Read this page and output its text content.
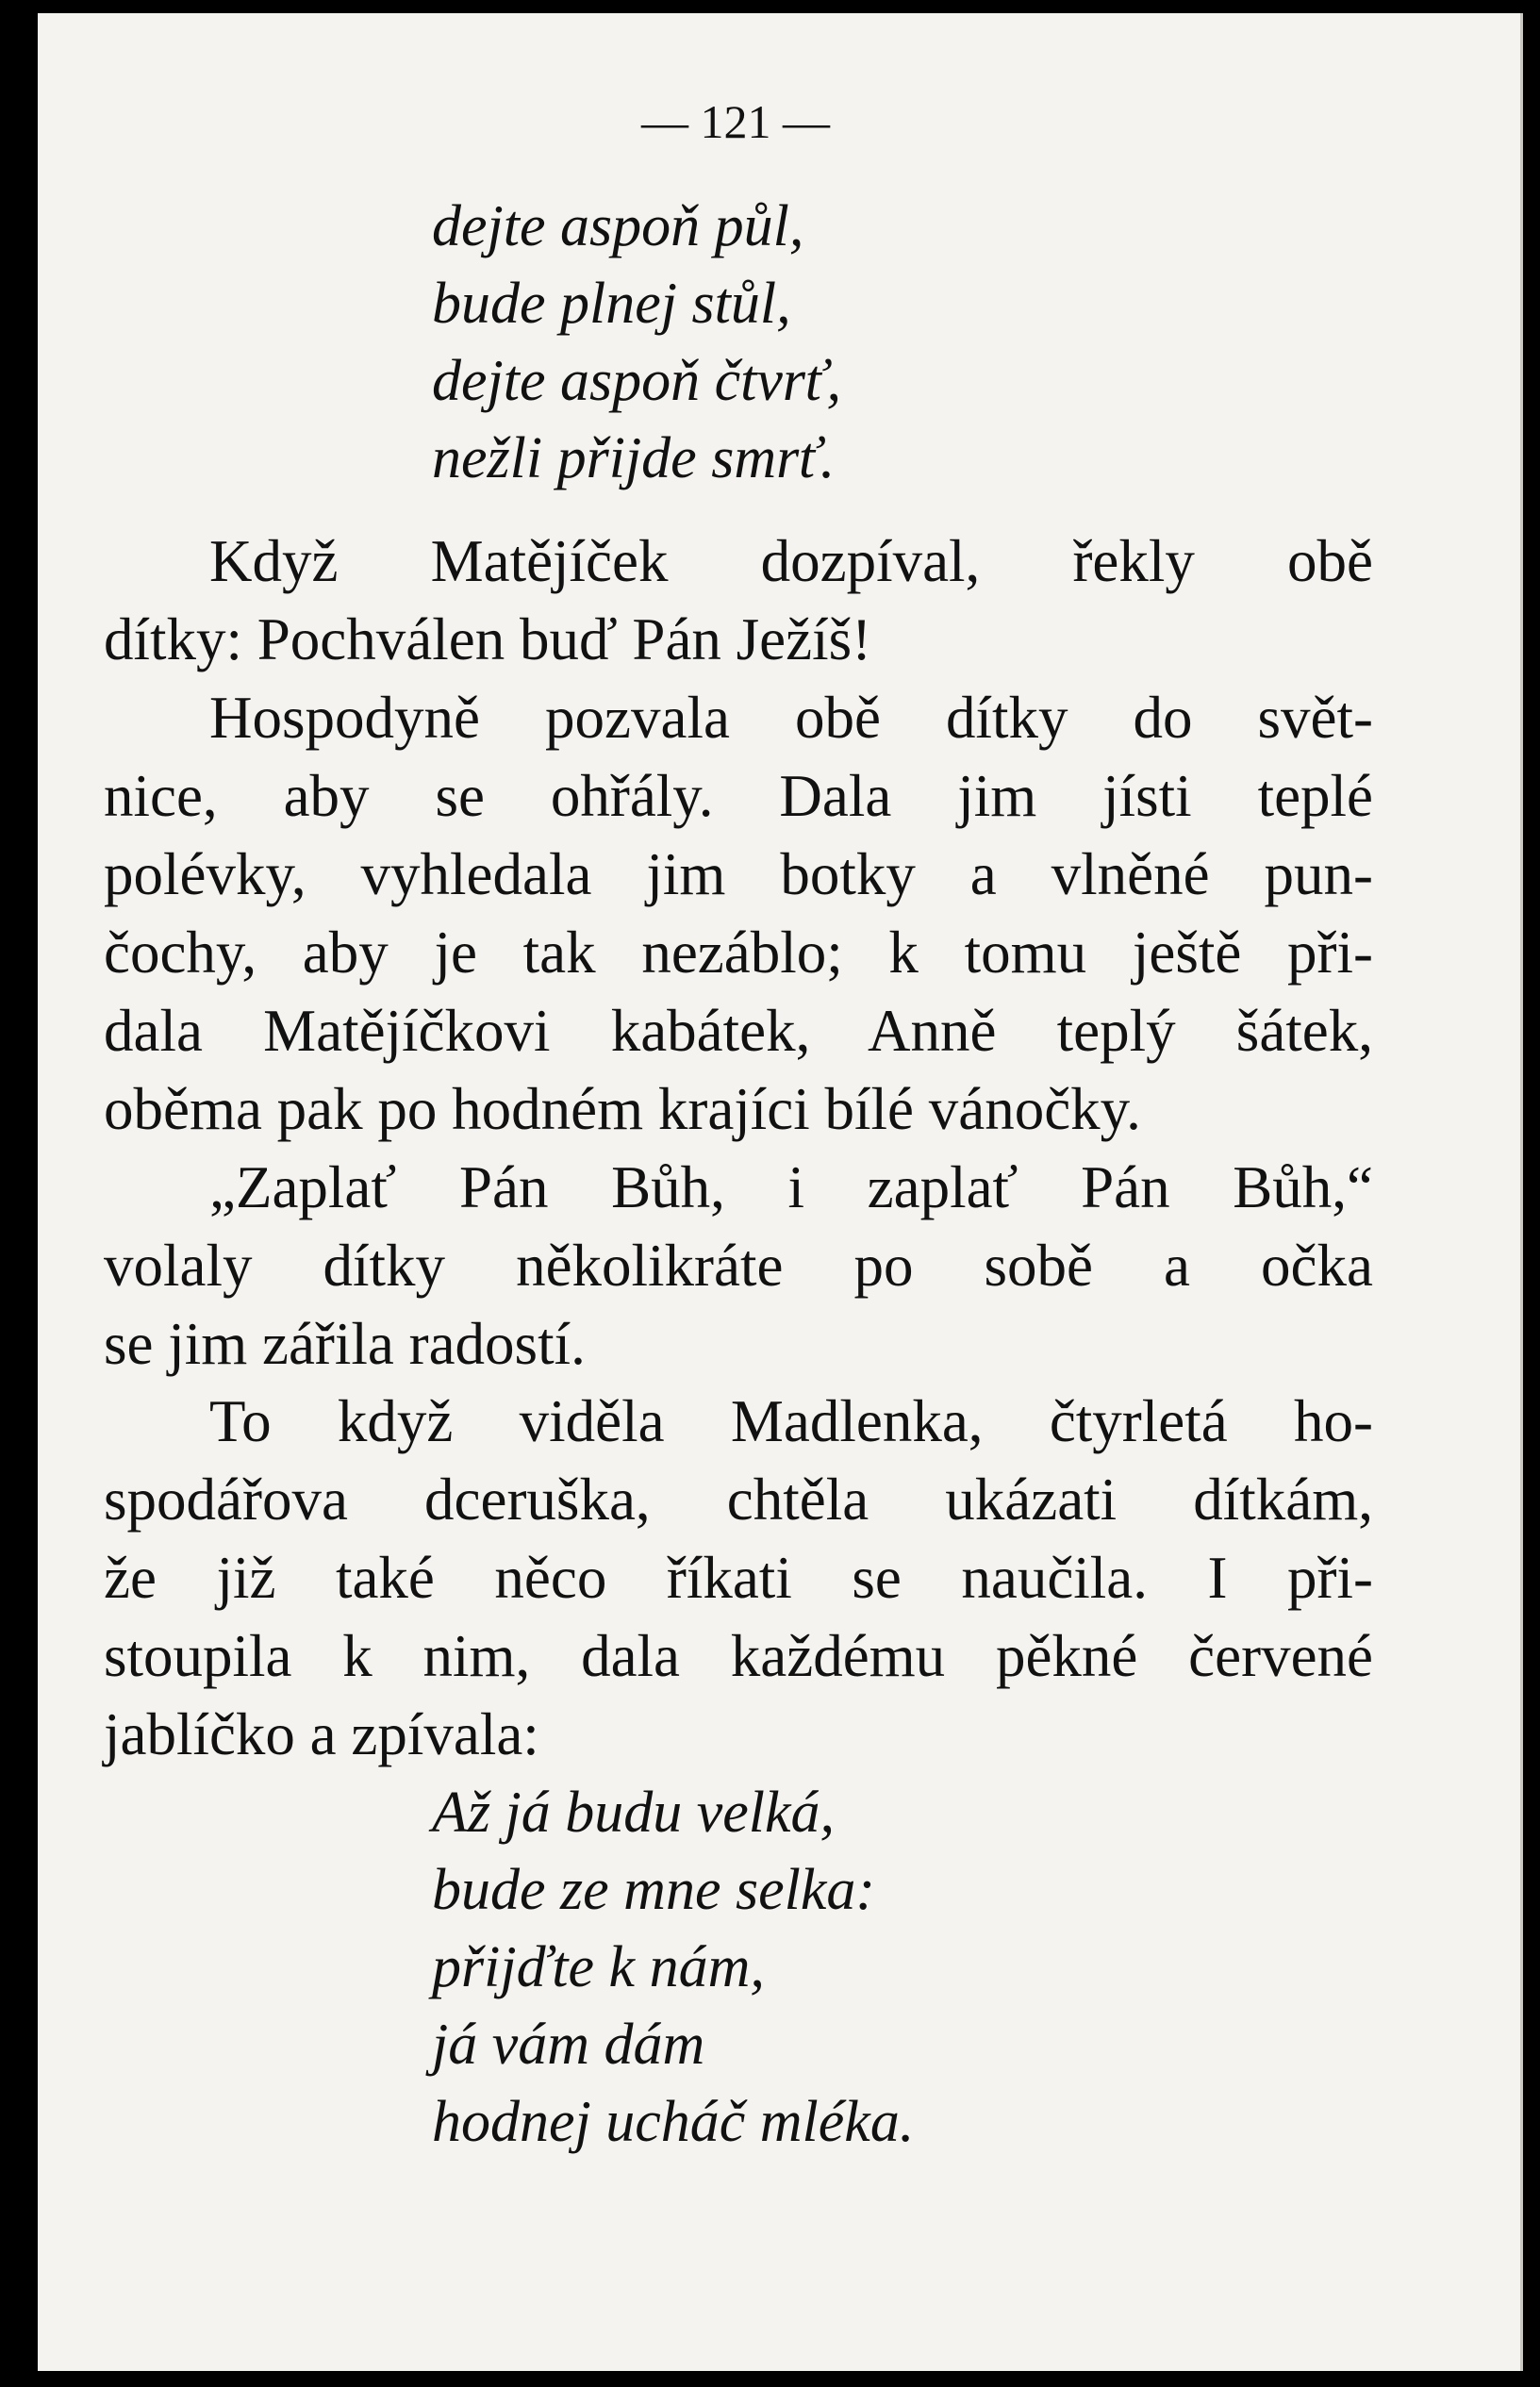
— 121 —
dejte aspoň půl,
bude plnej stůl,
dejte aspoň čtvrť,
nežli přijde smrť.
Když Matějíček dozpíval, řekly obě
dítky: Pochválen buď Pán Ježíš!
Hospodyně pozvala obě dítky do svět-
nice, aby se ohřály. Dala jim jísti teplé
polévky, vyhledala jim botky a vlněné pun-
čochy, aby je tak nezáblo; k tomu ještě při-
dala Matějíčkovi kabátek, Anně teplý šátek,
oběma pak po hodném krajíci bílé vánočky.
„Zaplať Pán Bůh, i zaplať Pán Bůh,“
volaly dítky několikráte po sobě a očka
se jim zářila radostí.
To když viděla Madlenka, čtyrletá ho-
spodářova dceruška, chtěla ukázati dítkám,
že již také něco říkati se naučila. I při-
stoupila k nim, dala každému pěkné červené
jablíčko a zpívala:
Až já budu velká,
bude ze mne selka:
přijďte k nám,
já vám dám
hodnej ucháč mléka.
